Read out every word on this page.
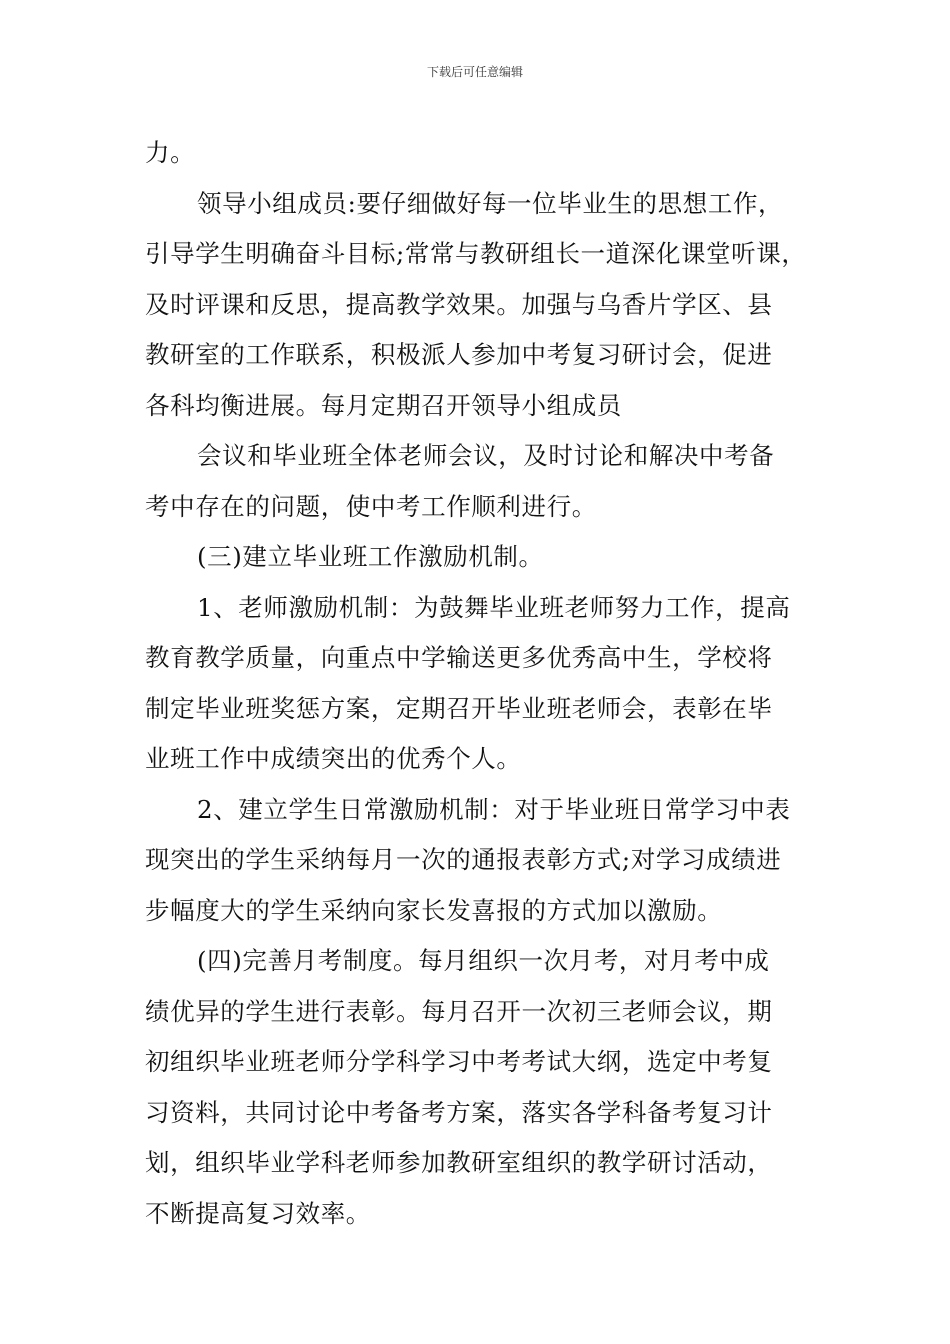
下载后可任意编辑
力。
领导小组成员:要仔细做好每一位毕业生的思想工作，
引导学生明确奋斗目标;常常与教研组长一道深化课堂听课，
及时评课和反思，提高教学效果。加强与乌香片学区、县
教研室的工作联系，积极派人参加中考复习研讨会，促进
各科均衡进展。每月定期召开领导小组成员
会议和毕业班全体老师会议，及时讨论和解决中考备
考中存在的问题，使中考工作顺利进行。
(三)建立毕业班工作激励机制。
1、老师激励机制：为鼓舞毕业班老师努力工作，提高
教育教学质量，向重点中学输送更多优秀高中生，学校将
制定毕业班奖惩方案，定期召开毕业班老师会，表彰在毕
业班工作中成绩突出的优秀个人。
2、建立学生日常激励机制：对于毕业班日常学习中表
现突出的学生采纳每月一次的通报表彰方式;对学习成绩进
步幅度大的学生采纳向家长发喜报的方式加以激励。
(四)完善月考制度。每月组织一次月考，对月考中成
绩优异的学生进行表彰。每月召开一次初三老师会议，期
初组织毕业班老师分学科学习中考考试大纲，选定中考复
习资料，共同讨论中考备考方案，落实各学科备考复习计
划，组织毕业学科老师参加教研室组织的教学研讨活动，
不断提高复习效率。
